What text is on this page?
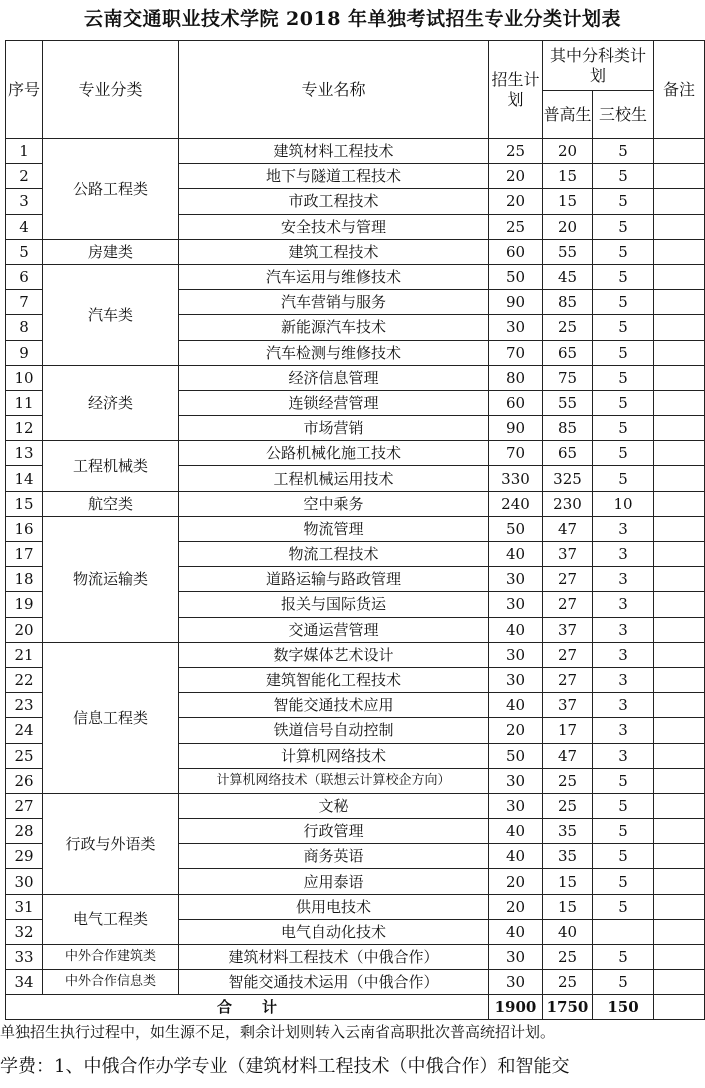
云南交通职业技术学院 2018 年单独考试招生专业分类计划表
序号	专业分类	专业名称	招生计划	其中分科类计划		备注
				普高生	三校生	
1	公路工程类	建筑材料工程技术	25	20	5	
2		地下与隧道工程技术	20	15	5	
3		市政工程技术	20	15	5	
4		安全技术与管理	25	20	5	
5	房建类	建筑工程技术	60	55	5	
6	汽车类	汽车运用与维修技术	50	45	5	
7		汽车营销与服务	90	85	5	
8		新能源汽车技术	30	25	5	
9		汽车检测与维修技术	70	65	5	
10	经济类	经济信息管理	80	75	5	
11		连锁经营管理	60	55	5	
12		市场营销	90	85	5	
13	工程机械类	公路机械化施工技术	70	65	5	
14		工程机械运用技术	330	325	5	
15	航空类	空中乘务	240	230	10	
16	物流运输类	物流管理	50	47	3	
17		物流工程技术	40	37	3	
18		道路运输与路政管理	30	27	3	
19		报关与国际货运	30	27	3	
20		交通运营管理	40	37	3	
21	信息工程类	数字媒体艺术设计	30	27	3	
22		建筑智能化工程技术	30	27	3	
23		智能交通技术应用	40	37	3	
24		铁道信号自动控制	20	17	3	
25		计算机网络技术	50	47	3	
26		计算机网络技术（联想云计算校企方向）	30	25	5	
27	行政与外语类	文秘	30	25	5	
28		行政管理	40	35	5	
29		商务英语	40	35	5	
30		应用泰语	20	15	5	
31	电气工程类	供用电技术	20	15	5	
32		电气自动化技术	40	40		
33	中外合作建筑类	建筑材料工程技术（中俄合作）	30	25	5	
34	中外合作信息类	智能交通技术运用（中俄合作）	30	25	5	
合　　计			1900	1750	150	
单独招生执行过程中，如生源不足，剩余计划则转入云南省高职批次普高统招计划。
学费：1、中俄合作办学专业（建筑材料工程技术（中俄合作）和智能交
